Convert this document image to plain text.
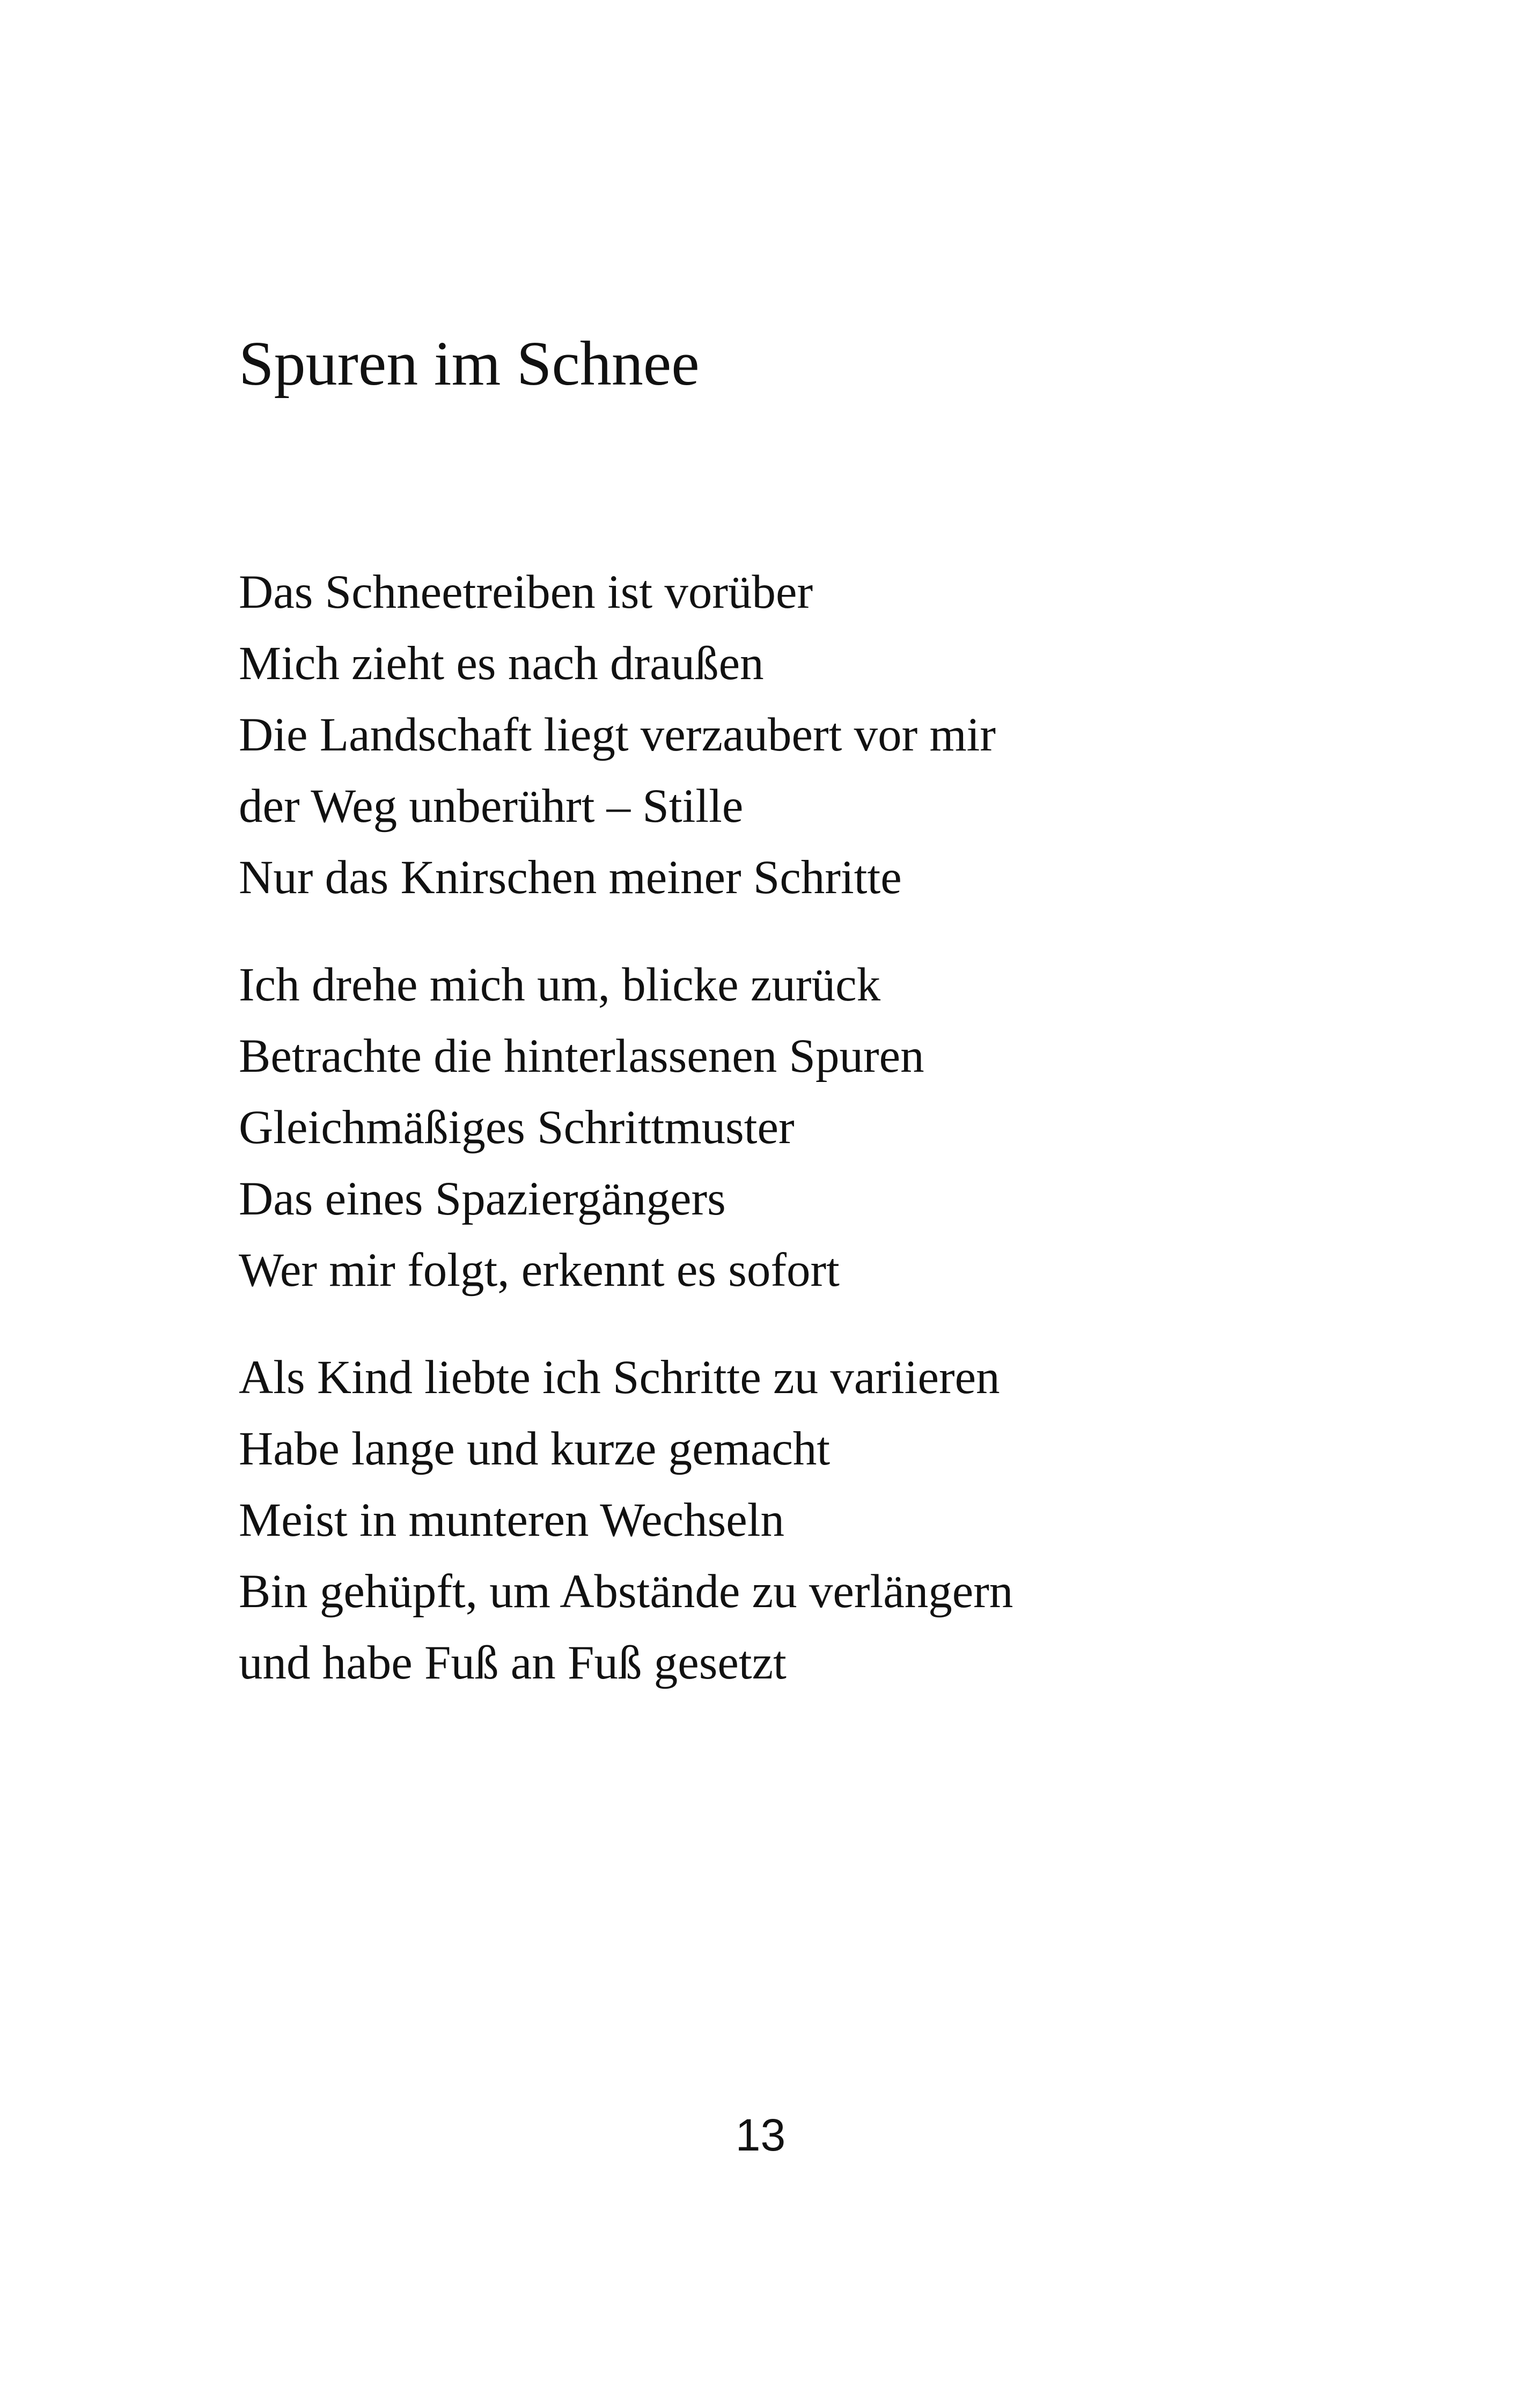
Spuren im Schnee

Das Schneetreiben ist vorüber
Mich zieht es nach draußen
Die Landschaft liegt verzaubert vor mir
der Weg unberührt – Stille
Nur das Knirschen meiner Schritte

Ich drehe mich um, blicke zurück
Betrachte die hinterlassenen Spuren
Gleichmäßiges Schrittmuster
Das eines Spaziergängers
Wer mir folgt, erkennt es sofort

Als Kind liebte ich Schritte zu variieren
Habe lange und kurze gemacht
Meist in munteren Wechseln
Bin gehüpft, um Abstände zu verlängern
und habe Fuß an Fuß gesetzt

13
